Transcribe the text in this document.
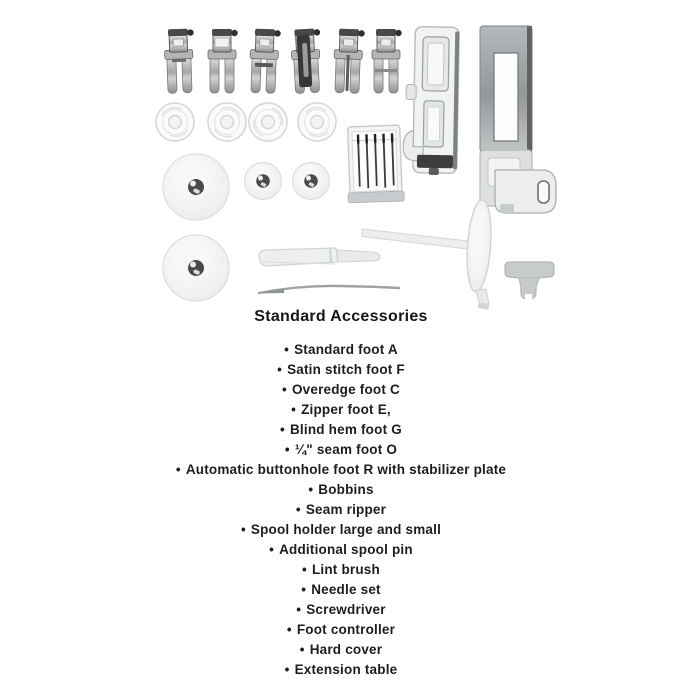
Standard Accessories
• Standard foot A
• Satin stitch foot F
• Overedge foot C
• Zipper foot E,
• Blind hem foot G
• ¼" seam foot O
• Automatic buttonhole foot R with stabilizer plate
• Bobbins
• Seam ripper
• Spool holder large and small
• Additional spool pin
• Lint brush
• Needle set
• Screwdriver
• Foot controller
• Hard cover
• Extension table
